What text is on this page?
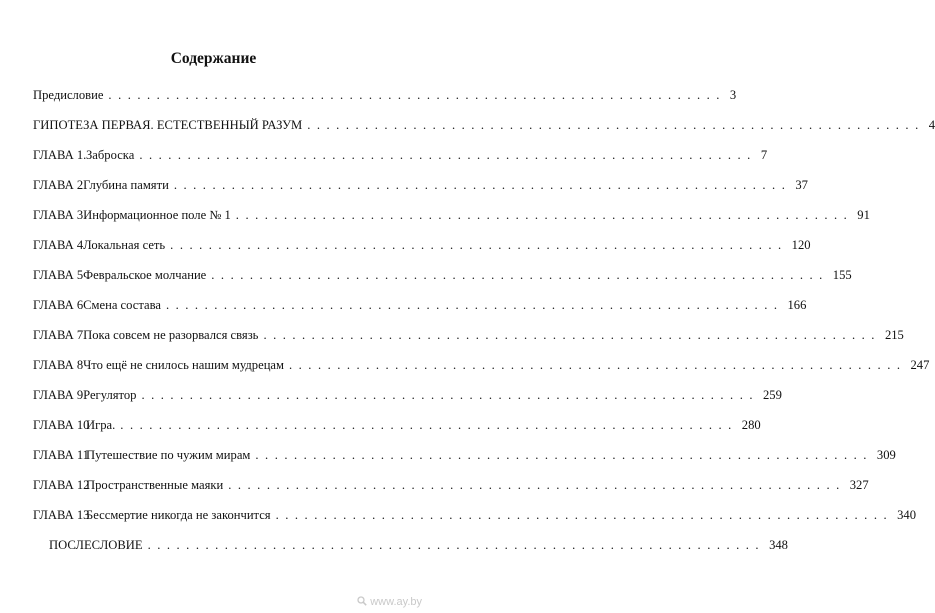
Содержание
Предисловие ................................................................ 3
ГИПОТЕЗА ПЕРВАЯ. ЕСТЕСТВЕННЫЙ РАЗУМ ................................................................ 4
ГЛАВА 1. Заброска ................................................................ 7
ГЛАВА 2 Глубина памяти ................................................................ 37
ГЛАВА 3 Информационное поле № 1 ................................................................ 91
ГЛАВА 4 Локальная сеть ................................................................ 120
ГЛАВА 5 Февральское молчание ................................................................ 155
ГЛАВА 6 Смена состава ................................................................ 166
ГЛАВА 7 Пока совсем не разорвался связь ................................................................ 215
ГЛАВА 8 Что ещё не снилось нашим мудрецам ................................................................ 247
ГЛАВА 9 Регулятор ................................................................ 259
ГЛАВА 10
Игра. ................................................................ 280
ГЛАВА 11
Путешествие по чужим мирам ................................................................ 309
ГЛАВА 12
Пространственные маяки ................................................................ 327
ГЛАВА 13
Бессмертие никогда не закончится ................................................................ 340
ПОСЛЕСЛОВИЕ ................................................................ 348
www.ay.by
